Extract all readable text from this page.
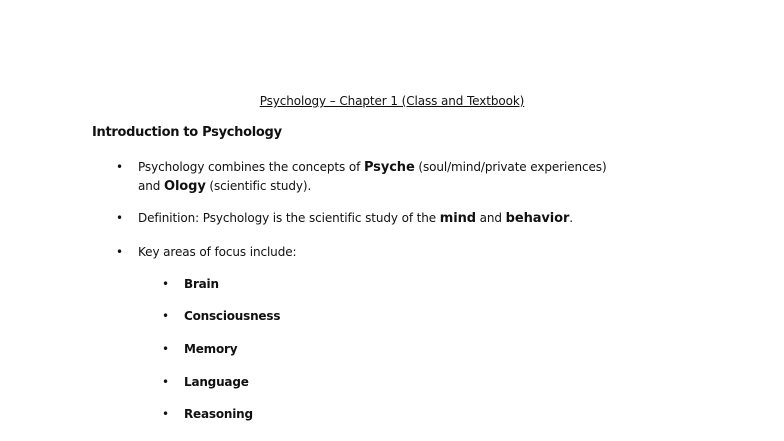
Psychology – Chapter 1 (Class and Textbook)
Introduction to Psychology
• Psychology combines the concepts of Psyche (soul/mind/private experiences)
and Ology (scientific study).
• Definition: Psychology is the scientific study of the mind and behavior.
• Key areas of focus include:
• Brain
• Consciousness
• Memory
• Language
• Reasoning
